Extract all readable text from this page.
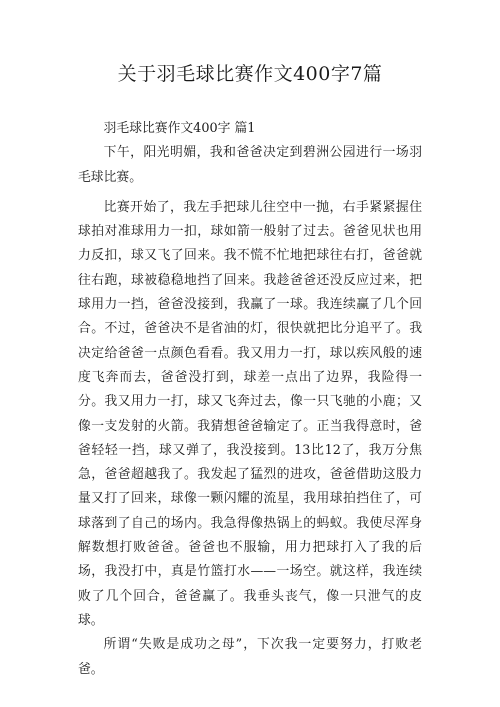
关于羽毛球比赛作文400字7篇

羽毛球比赛作文400字 篇1

下午，阳光明媚，我和爸爸决定到碧洲公园进行一场羽毛球比赛。

比赛开始了，我左手把球儿往空中一抛，右手紧紧握住球拍对准球用力一扣，球如箭一般射了过去。爸爸见状也用力反扣，球又飞了回来。我不慌不忙地把球往右打，爸爸就往右跑，球被稳稳地挡了回来。我趁爸爸还没反应过来，把球用力一挡，爸爸没接到，我赢了一球。我连续赢了几个回合。不过，爸爸决不是省油的灯，很快就把比分追平了。我决定给爸爸一点颜色看看。我又用力一打，球以疾风般的速度飞奔而去，爸爸没打到，球差一点出了边界，我险得一分。我又用力一打，球又飞奔过去，像一只飞驰的小鹿；又像一支发射的火箭。我猜想爸爸输定了。正当我得意时，爸爸轻轻一挡，球又弹了，我没接到。13比12了，我万分焦急，爸爸超越我了。我发起了猛烈的进攻，爸爸借助这股力量又打了回来，球像一颗闪耀的流星，我用球拍挡住了，可球落到了自己的场内。我急得像热锅上的蚂蚁。我使尽浑身解数想打败爸爸。爸爸也不服输，用力把球打入了我的后场，我没打中，真是竹篮打水——一场空。就这样，我连续败了几个回合，爸爸赢了。我垂头丧气，像一只泄气的皮球。

所谓“失败是成功之母”，下次我一定要努力，打败老爸。
